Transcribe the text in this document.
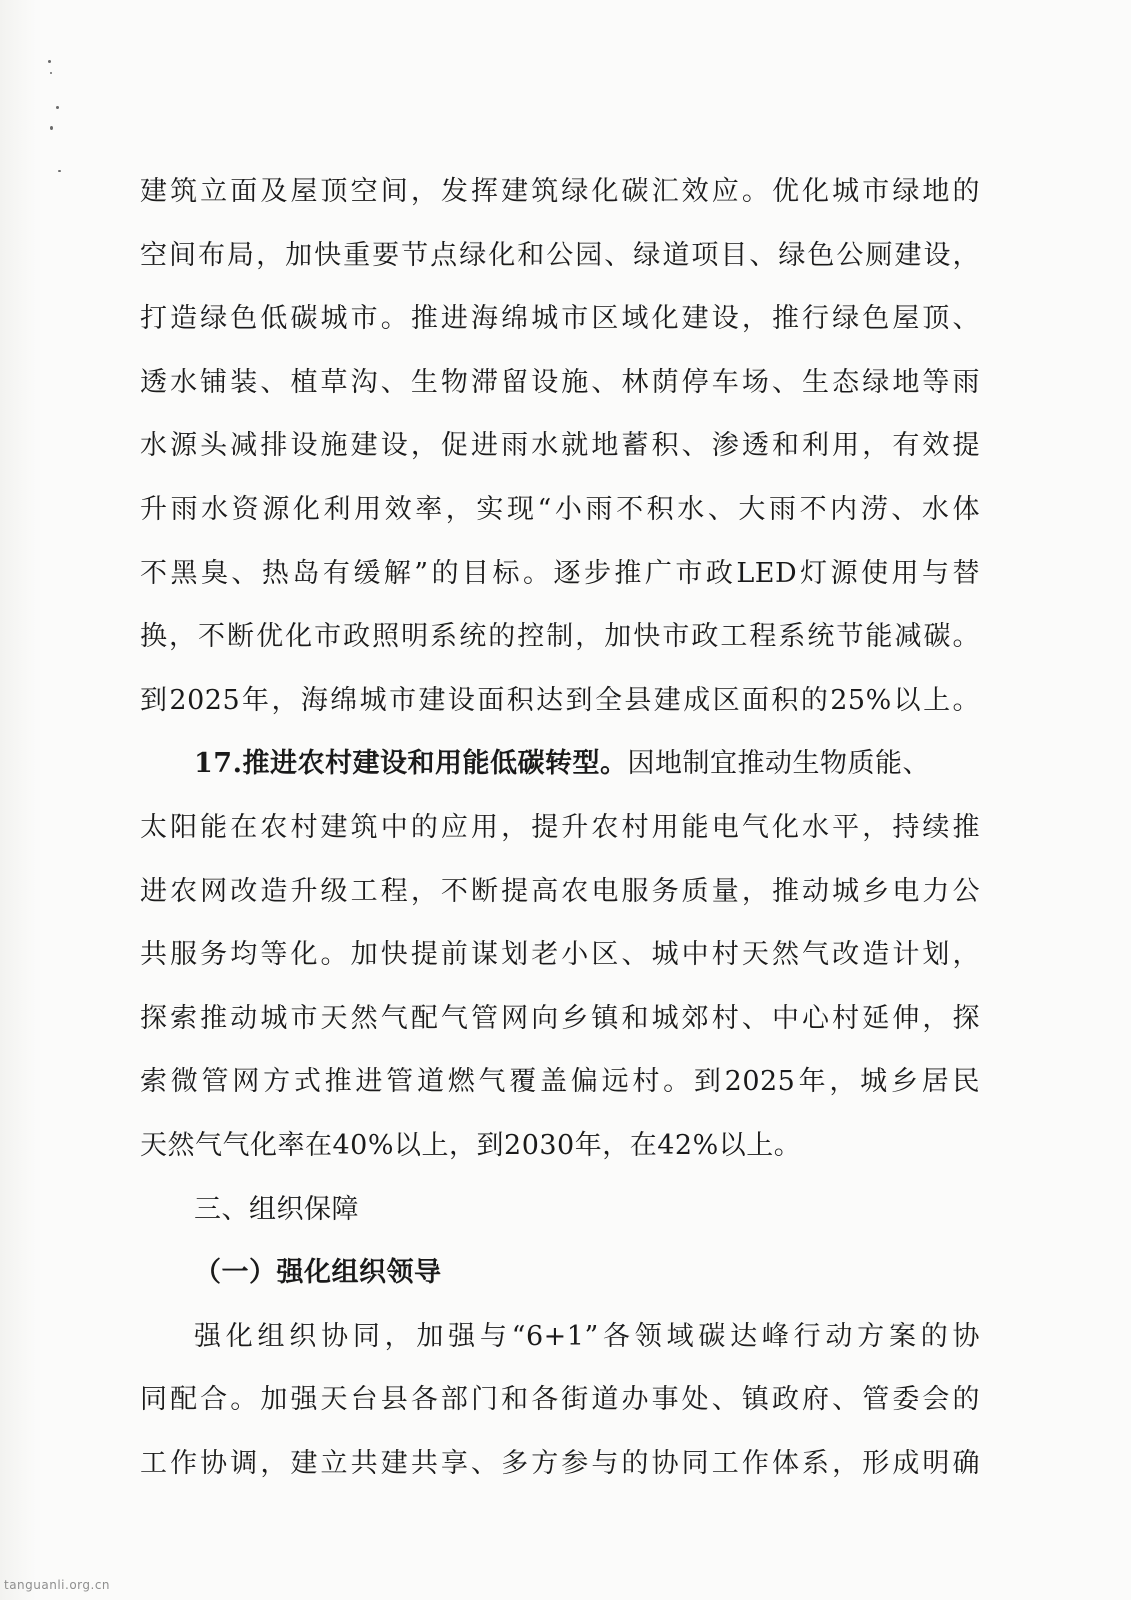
建筑立面及屋顶空间，发挥建筑绿化碳汇效应。优化城市绿地的
空间布局，加快重要节点绿化和公园、绿道项目、绿色公厕建设，
打造绿色低碳城市。推进海绵城市区域化建设，推行绿色屋顶、
透水铺装、植草沟、生物滞留设施、林荫停车场、生态绿地等雨
水源头减排设施建设，促进雨水就地蓄积、渗透和利用，有效提
升雨水资源化利用效率，实现“小雨不积水、大雨不内涝、水体
不黑臭、热岛有缓解”的目标。逐步推广市政LED灯源使用与替
换，不断优化市政照明系统的控制，加快市政工程系统节能减碳。
到2025年，海绵城市建设面积达到全县建成区面积的25%以上。
17.推进农村建设和用能低碳转型。因地制宜推动生物质能、
太阳能在农村建筑中的应用，提升农村用能电气化水平，持续推
进农网改造升级工程，不断提高农电服务质量，推动城乡电力公
共服务均等化。加快提前谋划老小区、城中村天然气改造计划，
探索推动城市天然气配气管网向乡镇和城郊村、中心村延伸，探
索微管网方式推进管道燃气覆盖偏远村。到2025年，城乡居民
天然气气化率在40%以上，到2030年，在42%以上。
三、组织保障
（一）强化组织领导
强化组织协同，加强与“6+1”各领域碳达峰行动方案的协
同配合。加强天台县各部门和各街道办事处、镇政府、管委会的
工作协调，建立共建共享、多方参与的协同工作体系，形成明确
tanguanli.org.cn
